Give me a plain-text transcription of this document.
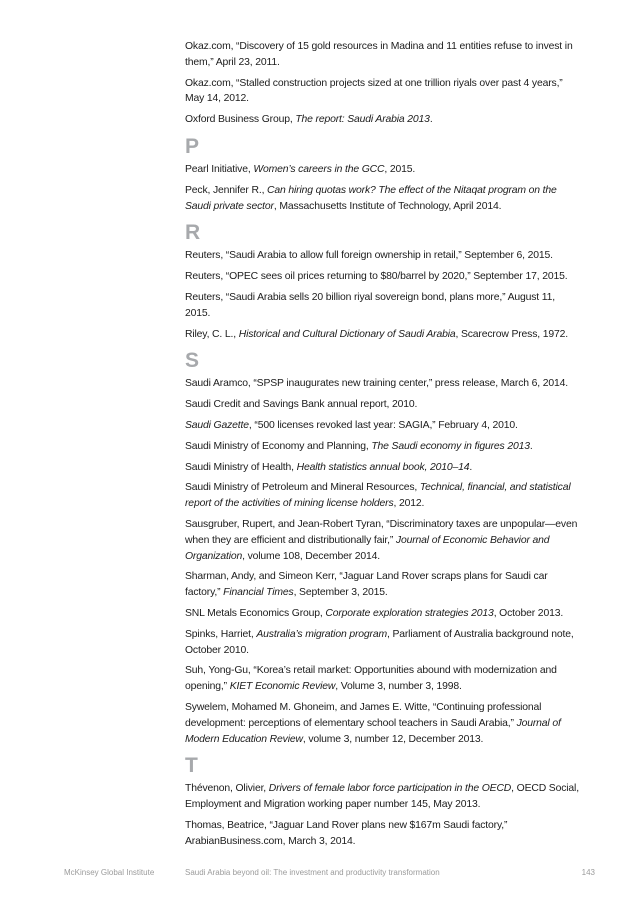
Okaz.com, “Discovery of 15 gold resources in Madina and 11 entities refuse to invest in them,” April 23, 2011.

Okaz.com, “Stalled construction projects sized at one trillion riyals over past 4 years,” May 14, 2012.

Oxford Business Group, The report: Saudi Arabia 2013.

P

Pearl Initiative, Women’s careers in the GCC, 2015.

Peck, Jennifer R., Can hiring quotas work? The effect of the Nitaqat program on the Saudi private sector, Massachusetts Institute of Technology, April 2014.

R

Reuters, “Saudi Arabia to allow full foreign ownership in retail,” September 6, 2015.

Reuters, “OPEC sees oil prices returning to $80/barrel by 2020,” September 17, 2015.

Reuters, “Saudi Arabia sells 20 billion riyal sovereign bond, plans more,” August 11, 2015.

Riley, C. L., Historical and Cultural Dictionary of Saudi Arabia, Scarecrow Press, 1972.

S

Saudi Aramco, “SPSP inaugurates new training center,” press release, March 6, 2014.

Saudi Credit and Savings Bank annual report, 2010.

Saudi Gazette, “500 licenses revoked last year: SAGIA,” February 4, 2010.

Saudi Ministry of Economy and Planning, The Saudi economy in figures 2013.

Saudi Ministry of Health, Health statistics annual book, 2010–14.

Saudi Ministry of Petroleum and Mineral Resources, Technical, financial, and statistical report of the activities of mining license holders, 2012.

Sausgruber, Rupert, and Jean-Robert Tyran, “Discriminatory taxes are unpopular—even when they are efficient and distributionally fair,” Journal of Economic Behavior and Organization, volume 108, December 2014.

Sharman, Andy, and Simeon Kerr, “Jaguar Land Rover scraps plans for Saudi car factory,” Financial Times, September 3, 2015.

SNL Metals Economics Group, Corporate exploration strategies 2013, October 2013.

Spinks, Harriet, Australia’s migration program, Parliament of Australia background note, October 2010.

Suh, Yong-Gu, “Korea’s retail market: Opportunities abound with modernization and opening,” KIET Economic Review, Volume 3, number 3, 1998.

Sywelem, Mohamed M. Ghoneim, and James E. Witte, “Continuing professional development: perceptions of elementary school teachers in Saudi Arabia,” Journal of Modern Education Review, volume 3, number 12, December 2013.

T

Thévenon, Olivier, Drivers of female labor force participation in the OECD, OECD Social, Employment and Migration working paper number 145, May 2013.

Thomas, Beatrice, “Jaguar Land Rover plans new $167m Saudi factory,” ArabianBusiness.com, March 3, 2014.

McKinsey Global Institute	Saudi Arabia beyond oil: The investment and productivity transformation	143
